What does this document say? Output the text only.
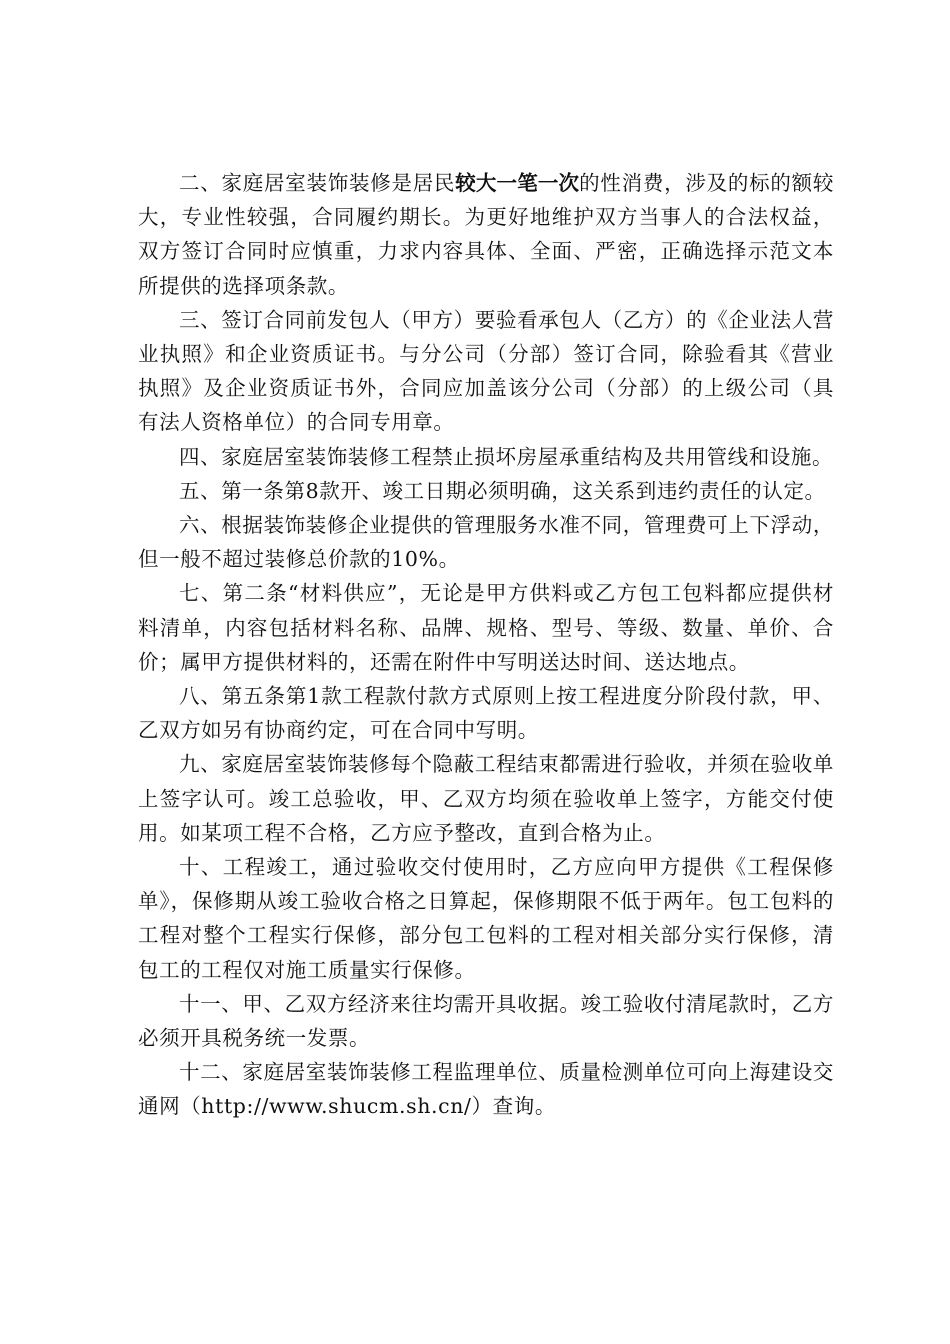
二、家庭居室装饰装修是居民较大一笔一次的性消费，涉及的标的额较大，专业性较强，合同履约期长。为更好地维护双方当事人的合法权益，双方签订合同时应慎重，力求内容具体、全面、严密，正确选择示范文本所提供的选择项条款。

三、签订合同前发包人（甲方）要验看承包人（乙方）的《企业法人营业执照》和企业资质证书。与分公司（分部）签订合同，除验看其《营业执照》及企业资质证书外，合同应加盖该分公司（分部）的上级公司（具有法人资格单位）的合同专用章。

四、家庭居室装饰装修工程禁止损坏房屋承重结构及共用管线和设施。

五、第一条第8款开、竣工日期必须明确，这关系到违约责任的认定。

六、根据装饰装修企业提供的管理服务水准不同，管理费可上下浮动，但一般不超过装修总价款的10%。

七、第二条“材料供应”，无论是甲方供料或乙方包工包料都应提供材料清单，内容包括材料名称、品牌、规格、型号、等级、数量、单价、合价；属甲方提供材料的，还需在附件中写明送达时间、送达地点。

八、第五条第1款工程款付款方式原则上按工程进度分阶段付款，甲、乙双方如另有协商约定，可在合同中写明。

九、家庭居室装饰装修每个隐蔽工程结束都需进行验收，并须在验收单上签字认可。竣工总验收，甲、乙双方均须在验收单上签字，方能交付使用。如某项工程不合格，乙方应予整改，直到合格为止。

十、工程竣工，通过验收交付使用时，乙方应向甲方提供《工程保修单》，保修期从竣工验收合格之日算起，保修期限不低于两年。包工包料的工程对整个工程实行保修，部分包工包料的工程对相关部分实行保修，清包工的工程仅对施工质量实行保修。

十一、甲、乙双方经济来往均需开具收据。竣工验收付清尾款时，乙方必须开具税务统一发票。

十二、家庭居室装饰装修工程监理单位、质量检测单位可向上海建设交通网（http://www.shucm.sh.cn/）查询。
